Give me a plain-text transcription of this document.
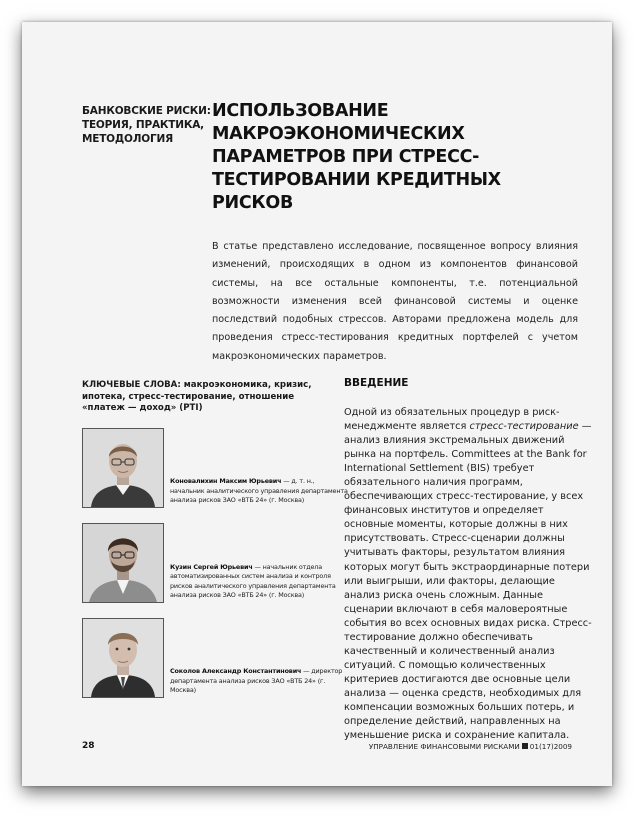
БАНКОВСКИЕ РИСКИ: ТЕОРИЯ, ПРАКТИКА, МЕТОДОЛОГИЯ
ИСПОЛЬЗОВАНИЕ МАКРОЭКОНОМИЧЕСКИХ ПАРАМЕТРОВ ПРИ СТРЕСС-ТЕСТИРОВАНИИ КРЕДИТНЫХ РИСКОВ

В статье представлено исследование, посвященное вопросу влияния изменений, происходящих в одном из компонентов финансовой системы, на все остальные компоненты, т.е. потенциальной возможности изменения всей финансовой системы и оценке последствий подобных стрессов. Авторами предложена модель для проведения стресс-тестирования кредитных портфелей с учетом макроэкономических параметров.

КЛЮЧЕВЫЕ СЛОВА: макроэкономика, кризис, ипотека, стресс-тестирование, отношение «платеж — доход» (PTI)
Коновалихин Максим Юрьевич — д. т. н., начальник аналитического управления департамента анализа рисков ЗАО «ВТБ 24» (г. Москва)
Кузин Сергей Юрьевич — начальник отдела автоматизированных систем анализа и контроля рисков аналитического управления департамента анализа рисков ЗАО «ВТБ 24» (г. Москва)
Соколов Александр Константинович — директор департамента анализа рисков ЗАО «ВТБ 24» (г. Москва)
ВВЕДЕНИЕ

Одной из обязательных процедур в риск-менеджменте является стресс-тестирование — анализ влияния экстремальных движений рынка на портфель. Committees at the Bank for International Settlement (BIS) требует обязательного наличия программ, обеспечивающих стресс-тестирование, у всех финансовых институтов и определяет основные моменты, которые должны в них присутствовать. Стресс-сценарии должны учитывать факторы, результатом влияния которых могут быть экстраординарные потери или выигрыши, или факторы, делающие анализ риска очень сложным. Данные сценарии включают в себя маловероятные события во всех основных видах риска. Стресс-тестирование должно обеспечивать качественный и количественный анализ ситуаций. С помощью количественных критериев достигаются две основные цели анализа — оценка средств, необходимых для компенсации возможных больших потерь, и определение действий, направленных на уменьшение риска и сохранение капитала.

28	УПРАВЛЕНИЕ ФИНАНСОВЫМИ РИСКАМИ 01(17)2009
